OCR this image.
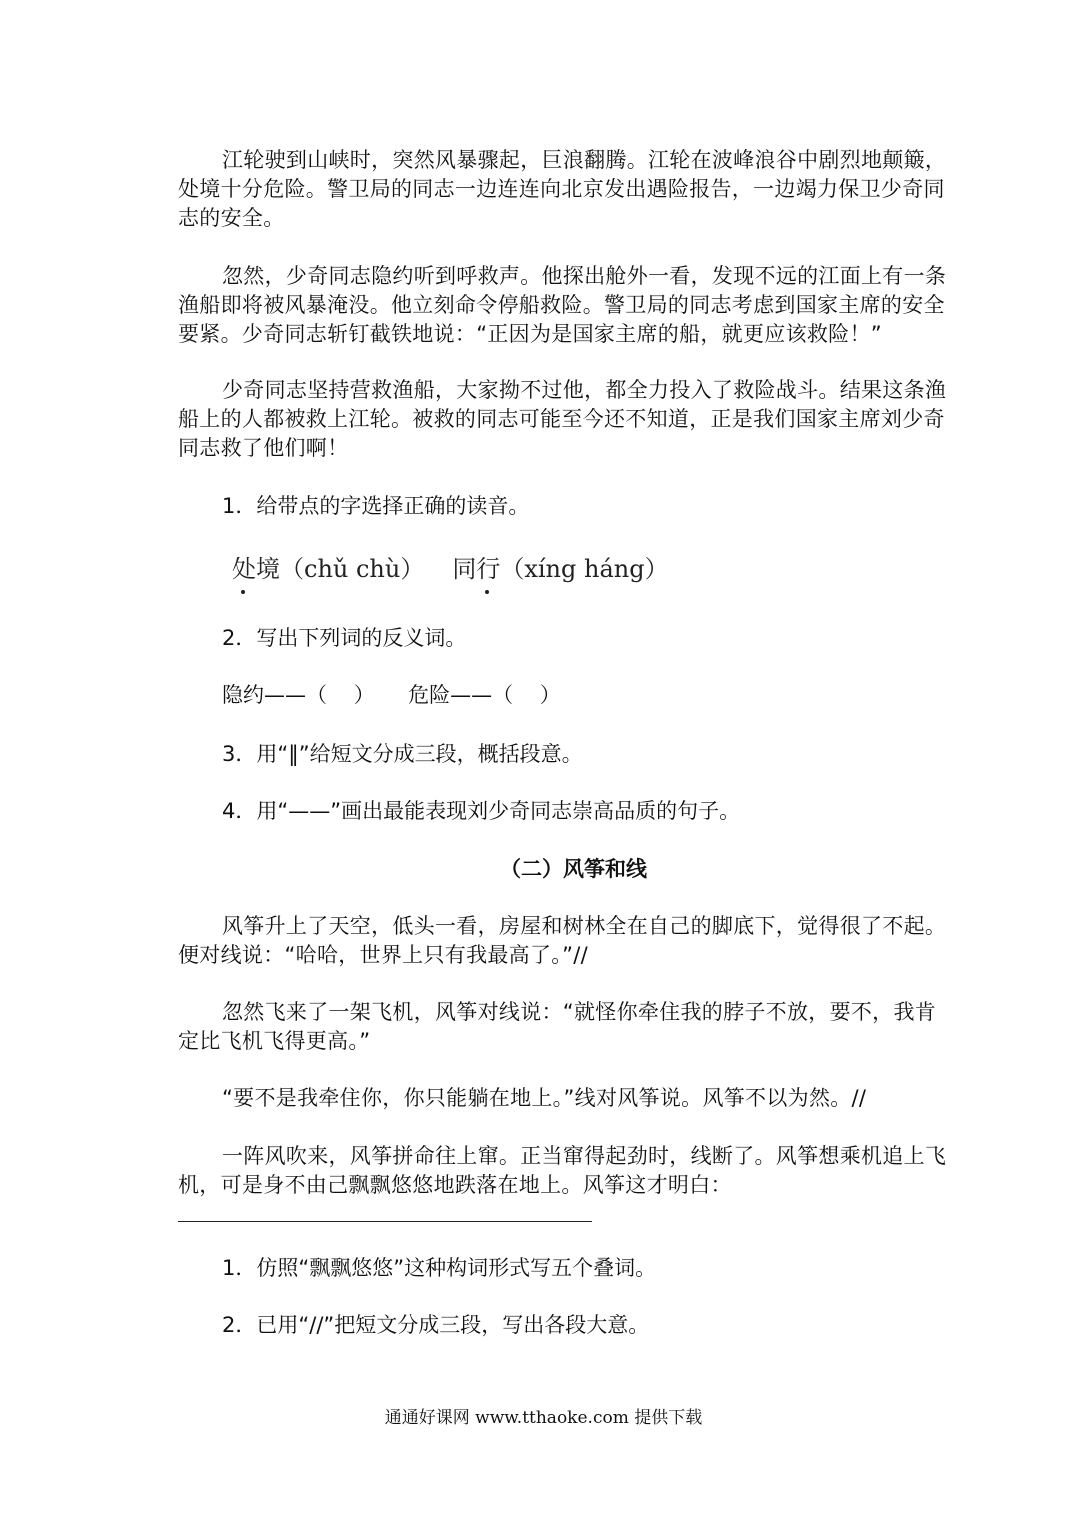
江轮驶到山峡时，突然风暴骤起，巨浪翻腾。江轮在波峰浪谷中剧烈地颠簸，
处境十分危险。警卫局的同志一边连连向北京发出遇险报告，一边竭力保卫少奇同
志的安全。
忽然，少奇同志隐约听到呼救声。他探出舱外一看，发现不远的江面上有一条
渔船即将被风暴淹没。他立刻命令停船救险。警卫局的同志考虑到国家主席的安全
要紧。少奇同志斩钉截铁地说：“正因为是国家主席的船，就更应该救险！”
少奇同志坚持营救渔船，大家拗不过他，都全力投入了救险战斗。结果这条渔
船上的人都被救上江轮。被救的同志可能至今还不知道，正是我们国家主席刘少奇
同志救了他们啊！
1．给带点的字选择正确的读音。
处
境（chǔ chù） 同行
（xíng háng）
2．写出下列词的反义词。
隐约——（    ）     危险——（    ）
3．用“‖”给短文分成三段，概括段意。
4．用“——”画出最能表现刘少奇同志崇高品质的句子。
（二）风筝和线
风筝升上了天空，低头一看，房屋和树林全在自己的脚底下，觉得很了不起。
便对线说：“哈哈，世界上只有我最高了。”//
忽然飞来了一架飞机，风筝对线说：“就怪你牵住我的脖子不放，要不，我肯
定比飞机飞得更高。”
“要不是我牵住你，你只能躺在地上。”线对风筝说。风筝不以为然。//
一阵风吹来，风筝拼命往上窜。正当窜得起劲时，线断了。风筝想乘机追上飞
机，可是身不由己飘飘悠悠地跌落在地上。风筝这才明白：
1．仿照“飘飘悠悠”这种构词形式写五个叠词。
2．已用“//”把短文分成三段，写出各段大意。
通通好课网 www.tthaoke.com 提供下载
